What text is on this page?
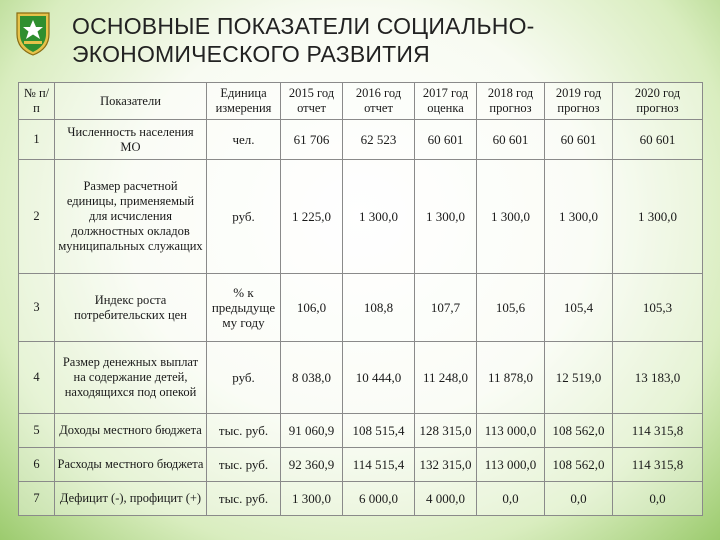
ОСНОВНЫЕ ПОКАЗАТЕЛИ СОЦИАЛЬНО-
ЭКОНОМИЧЕСКОГО РАЗВИТИЯ
№ п/п	Показатели	Единица измерения	2015 год отчет	2016 год отчет	2017 год оценка	2018 год прогноз	2019 год прогноз	2020 год прогноз
1	Численность населения МО	чел.	61 706	62 523	60 601	60 601	60 601	60 601
2	Размер расчетной единицы, применяемый для исчисления должностных окладов муниципальных служащих	руб.	1 225,0	1 300,0	1 300,0	1 300,0	1 300,0	1 300,0
3	Индекс роста потребительских цен	% к предыдуще му году	106,0	108,8	107,7	105,6	105,4	105,3
4	Размер денежных выплат на содержание детей, находящихся под опекой	руб.	8 038,0	10 444,0	11 248,0	11 878,0	12 519,0	13 183,0
5	Доходы местного бюджета	тыс. руб.	91 060,9	108 515,4	128 315,0	113 000,0	108 562,0	114 315,8
6	Расходы местного бюджета	тыс. руб.	92 360,9	114 515,4	132 315,0	113 000,0	108 562,0	114 315,8
7	Дефицит (-), профицит (+)	тыс. руб.	1 300,0	6 000,0	4 000,0	0,0	0,0	0,0
